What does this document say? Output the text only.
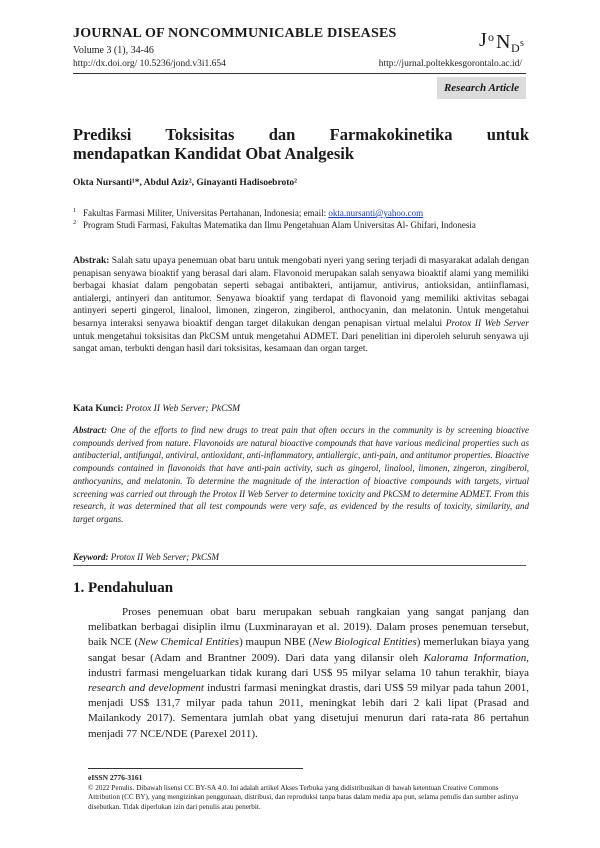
JOURNAL OF NONCOMMUNICABLE DISEASES
Volume 3 (1), 34-46
http://dx.doi.org/ 10.5236/jond.v3i1.654	http://jurnal.poltekkesgorontalo.ac.id/
J o N D s
Research Article
Prediksi Toksisitas dan Farmakokinetika untuk
mendapatkan Kandidat Obat Analgesik
Okta Nursanti¹*, Abdul Aziz², Ginayanti Hadisoebroto²
1 Fakultas Farmasi Militer, Universitas Pertahanan, Indonesia; email: okta.nursanti@yahoo.com
2 Program Studi Farmasi, Fakultas Matematika dan Ilmu Pengetahuan Alam Universitas Al- Ghifari, Indonesia
Abstrak: Salah satu upaya penemuan obat baru untuk mengobati nyeri yang sering terjadi di masyarakat adalah dengan penapisan senyawa bioaktif yang berasal dari alam. Flavonoid merupakan salah senyawa bioaktif alami yang memiliki berbagai khasiat dalam pengobatan seperti sebagai antibakteri, antijamur, antivirus, antioksidan, antiinflamasi, antialergi, antinyeri dan antitumor. Senyawa bioaktif yang terdapat di flavonoid yang memiliki aktivitas sebagai antinyeri seperti gingerol, linalool, limonen, zingeron, zingiberol, anthocyanin, dan melatonin. Untuk mengetahui besarnya interaksi senyawa bioaktif dengan target dilakukan dengan penapisan virtual melalui Protox II Web Server untuk mengetahui toksisitas dan PkCSM untuk mengetahui ADMET. Dari penelitian ini diperoleh seluruh senyawa uji sangat aman, terbukti dengan hasil dari toksisitas, kesamaan dan organ target.
Kata Kunci: Protox II Web Server; PkCSM
Abstract: One of the efforts to find new drugs to treat pain that often occurs in the community is by screening bioactive compounds derived from nature. Flavonoids are natural bioactive compounds that have various medicinal properties such as antibacterial, antifungal, antiviral, antioxidant, anti-inflammatory, antiallergic, anti-pain, and antitumor properties. Bioactive compounds contained in flavonoids that have anti-pain activity, such as gingerol, linalool, limonen, zingeron, zingiberol, anthocyanins, and melatonin. To determine the magnitude of the interaction of bioactive compounds with targets, virtual screening was carried out through the Protox II Web Server to determine toxicity and PkCSM to determine ADMET. From this research, it was determined that all test compounds were very safe, as evidenced by the results of toxicity, similarity, and target organs.
Keyword: Protox II Web Server; PkCSM
1. Pendahuluan
Proses penemuan obat baru merupakan sebuah rangkaian yang sangat panjang dan melibatkan berbagai disiplin ilmu (Luxminarayan et al. 2019). Dalam proses penemuan tersebut, baik NCE (New Chemical Entities) maupun NBE (New Biological Entities) memerlukan biaya yang sangat besar (Adam and Brantner 2009). Dari data yang dilansir oleh Kalorama Information, industri farmasi mengeluarkan tidak kurang dari US$ 95 milyar selama 10 tahun terakhir, biaya research and development industri farmasi meningkat drastis, dari US$ 59 milyar pada tahun 2001, menjadi US$ 131,7 milyar pada tahun 2011, meningkat lebih dari 2 kali lipat (Prasad and Mailankody 2017). Sementara jumlah obat yang disetujui menurun dari rata-rata 86 pertahun menjadi 77 NCE/NDE (Parexel 2011).
eISSN 2776-3161
© 2022 Penulis. Dibawah lisensi CC BY-SA 4.0. Ini adalah artikel Akses Terbuka yang didistribusikan di bawah ketentuan Creative Commons Attribution (CC BY), yang mengizinkan penggunaan, distribusi, dan reproduksi tanpa batas dalam media apa pun, selama penulis dan sumber aslinya disebutkan. Tidak diperlukan izin dari penulis atau penerbit.
